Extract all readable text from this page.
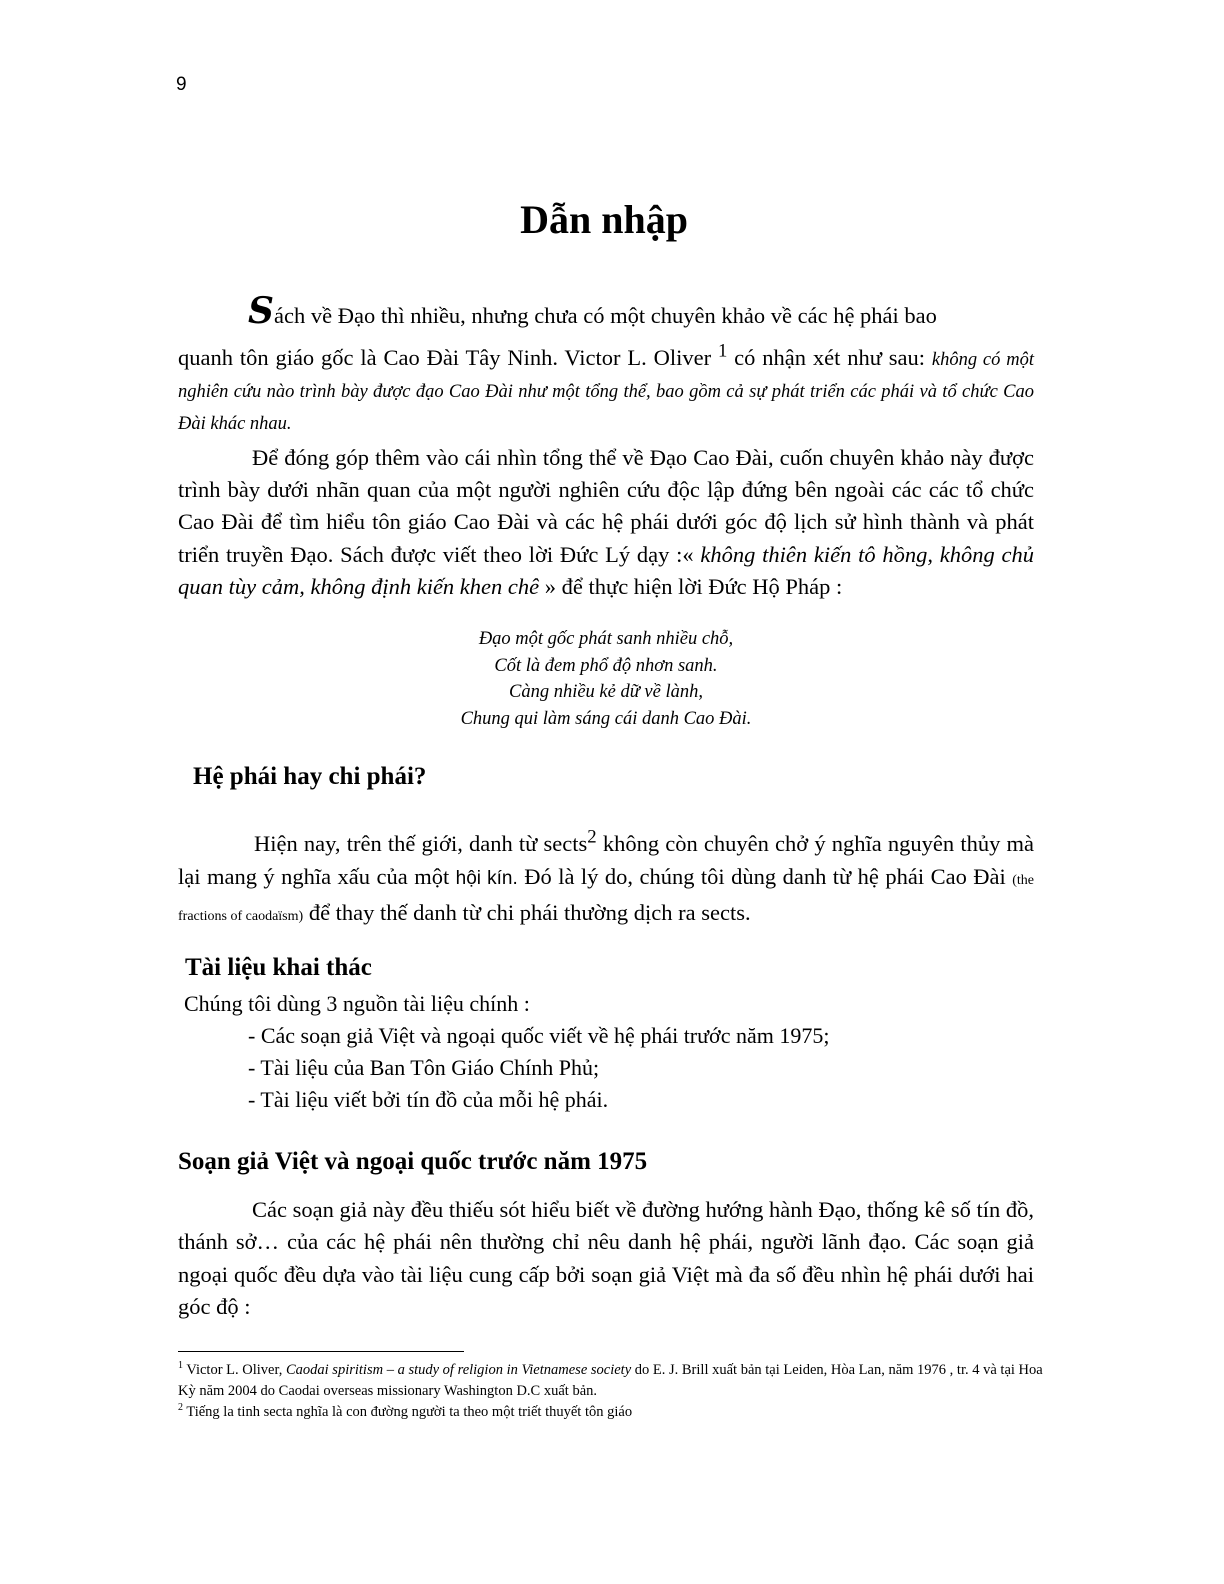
9
Dẫn nhập
Sách về Đạo thì nhiều, nhưng chưa có một chuyên khảo về các hệ phái bao
quanh tôn giáo gốc là Cao Đài Tây Ninh. Victor L. Oliver $^1$ có nhận xét như sau: không có một nghiên cứu nào trình bày được đạo Cao Đài như một tổng thể, bao gồm cả sự phát triển các phái và tổ chức Cao Đài khác nhau.
Để đóng góp thêm vào cái nhìn tổng thể về Đạo Cao Đài, cuốn chuyên khảo này được trình bày dưới nhãn quan của một người nghiên cứu độc lập đứng bên ngoài các các tổ chức Cao Đài để tìm hiểu tôn giáo Cao Đài và các hệ phái dưới góc độ lịch sử hình thành và phát triển truyền Đạo. Sách được viết theo lời Đức Lý dạy :« không thiên kiến tô hồng, không chủ quan tùy cảm, không định kiến khen chê » để thực hiện lời Đức Hộ Pháp :
Đạo một gốc phát sanh nhiều chỗ,
Cốt là đem phổ độ nhơn sanh.
Càng nhiều kẻ dữ về lành,
Chung qui làm sáng cái danh Cao Đài.
Hệ phái hay chi phái?
Hiện nay, trên thế giới, danh từ sects$^2$ không còn chuyên chở ý nghĩa nguyên thủy mà lại mang ý nghĩa xấu của một hội kín. Đó là lý do, chúng tôi dùng danh từ hệ phái Cao Đài (the fractions of caodaïsm) để thay thế danh từ chi phái thường dịch ra sects.
Tài liệu khai thác
Chúng tôi dùng 3 nguồn tài liệu chính :
- Các soạn giả Việt và ngoại quốc viết về hệ phái trước năm 1975;
- Tài liệu của Ban Tôn Giáo Chính Phủ;
- Tài liệu viết bởi tín đồ của mỗi hệ phái.
Soạn giả Việt và ngoại quốc trước năm 1975
Các soạn giả này đều thiếu sót hiểu biết về đường hướng hành Đạo, thống kê số tín đồ, thánh sở… của các hệ phái nên thường chỉ nêu danh hệ phái, người lãnh đạo. Các soạn giả ngoại quốc đều dựa vào tài liệu cung cấp bởi soạn giả Việt mà đa số đều nhìn hệ phái dưới hai góc độ :
$^1$ Victor L. Oliver, Caodai spiritism – a study of religion in Vietnamese society do E. J. Brill xuất bản tại Leiden, Hòa Lan, năm 1976 , tr. 4 và tại Hoa Kỳ năm 2004 do Caodai overseas missionary Washington D.C xuất bản.
$^2$ Tiếng la tinh secta nghĩa là con đường người ta theo một triết thuyết tôn giáo
